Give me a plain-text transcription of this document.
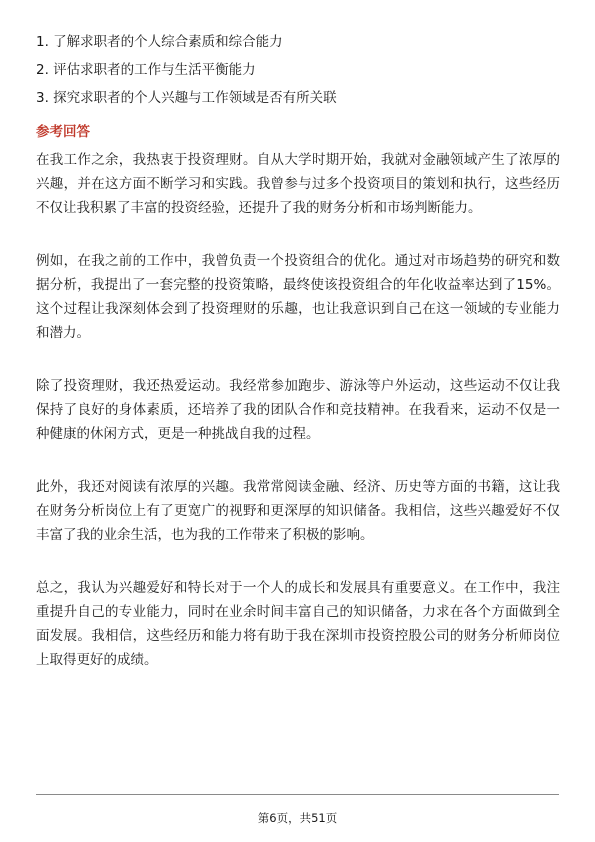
1. 了解求职者的个人综合素质和综合能力
2. 评估求职者的工作与生活平衡能力
3. 探究求职者的个人兴趣与工作领域是否有所关联
参考回答

在我工作之余，我热衷于投资理财。自从大学时期开始，我就对金融领域产生了浓厚的兴趣，并在这方面不断学习和实践。我曾参与过多个投资项目的策划和执行，这些经历不仅让我积累了丰富的投资经验，还提升了我的财务分析和市场判断能力。

例如，在我之前的工作中，我曾负责一个投资组合的优化。通过对市场趋势的研究和数据分析，我提出了一套完整的投资策略，最终使该投资组合的年化收益率达到了15%。这个过程让我深刻体会到了投资理财的乐趣，也让我意识到自己在这一领域的专业能力和潜力。

除了投资理财，我还热爱运动。我经常参加跑步、游泳等户外运动，这些运动不仅让我保持了良好的身体素质，还培养了我的团队合作和竞技精神。在我看来，运动不仅是一种健康的休闲方式，更是一种挑战自我的过程。

此外，我还对阅读有浓厚的兴趣。我常常阅读金融、经济、历史等方面的书籍，这让我在财务分析岗位上有了更宽广的视野和更深厚的知识储备。我相信，这些兴趣爱好不仅丰富了我的业余生活，也为我的工作带来了积极的影响。

总之，我认为兴趣爱好和特长对于一个人的成长和发展具有重要意义。在工作中，我注重提升自己的专业能力，同时在业余时间丰富自己的知识储备，力求在各个方面做到全面发展。我相信，这些经历和能力将有助于我在深圳市投资控股公司的财务分析师岗位上取得更好的成绩。

第6页，共51页
